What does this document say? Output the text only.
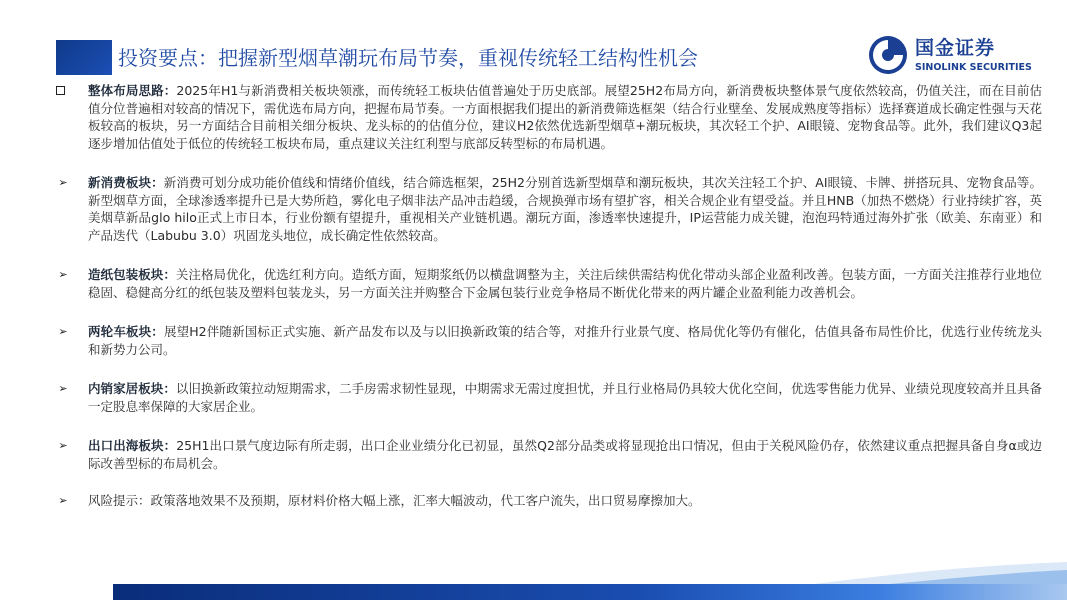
投资要点：把握新型烟草潮玩布局节奏，重视传统轻工结构性机会	国金证券
SINOLINK SECURITIES
整体布局思路：2025年H1与新消费相关板块领涨，而传统轻工板块估值普遍处于历史底部。展望25H2布局方向，新消费板块整体景气度依然较高，仍值关注，而在目前估值分位普遍相对较高的情况下，需优选布局方向，把握布局节奏。一方面根据我们提出的新消费筛选框架（结合行业壁垒、发展成熟度等指标）选择赛道成长确定性强与天花板较高的板块，另一方面结合目前相关细分板块、龙头标的的估值分位，建议H2依然优选新型烟草+潮玩板块，其次轻工个护、AI眼镜、宠物食品等。此外，我们建议Q3起逐步增加估值处于低位的传统轻工板块布局，重点建议关注红利型与底部反转型标的布局机遇。
➢ 新消费板块：新消费可划分成功能价值线和情绪价值线，结合筛选框架，25H2分别首选新型烟草和潮玩板块，其次关注轻工个护、AI眼镜、卡牌、拼搭玩具、宠物食品等。新型烟草方面，全球渗透率提升已是大势所趋，雾化电子烟非法产品冲击趋缓，合规换弹市场有望扩容，相关合规企业有望受益。并且HNB（加热不燃烧）行业持续扩容，英美烟草新品glo hilo正式上市日本，行业份额有望提升，重视相关产业链机遇。潮玩方面，渗透率快速提升，IP运营能力成关键，泡泡玛特通过海外扩张（欧美、东南亚）和产品迭代（Labubu 3.0）巩固龙头地位，成长确定性依然较高。
➢ 造纸包装板块：关注格局优化，优选红利方向。造纸方面，短期浆纸仍以横盘调整为主，关注后续供需结构优化带动头部企业盈利改善。包装方面，一方面关注推荐行业地位稳固、稳健高分红的纸包装及塑料包装龙头，另一方面关注并购整合下金属包装行业竞争格局不断优化带来的两片罐企业盈利能力改善机会。
➢ 两轮车板块：展望H2伴随新国标正式实施、新产品发布以及与以旧换新政策的结合等，对推升行业景气度、格局优化等仍有催化，估值具备布局性价比，优选行业传统龙头和新势力公司。
➢ 内销家居板块：以旧换新政策拉动短期需求，二手房需求韧性显现，中期需求无需过度担忧，并且行业格局仍具较大优化空间，优选零售能力优异、业绩兑现度较高并且具备一定股息率保障的大家居企业。
➢ 出口出海板块：25H1出口景气度边际有所走弱，出口企业业绩分化已初显，虽然Q2部分品类或将显现抢出口情况，但由于关税风险仍存，依然建议重点把握具备自身α或边际改善型标的布局机会。
➢ 风险提示：政策落地效果不及预期，原材料价格大幅上涨，汇率大幅波动，代工客户流失，出口贸易摩擦加大。
